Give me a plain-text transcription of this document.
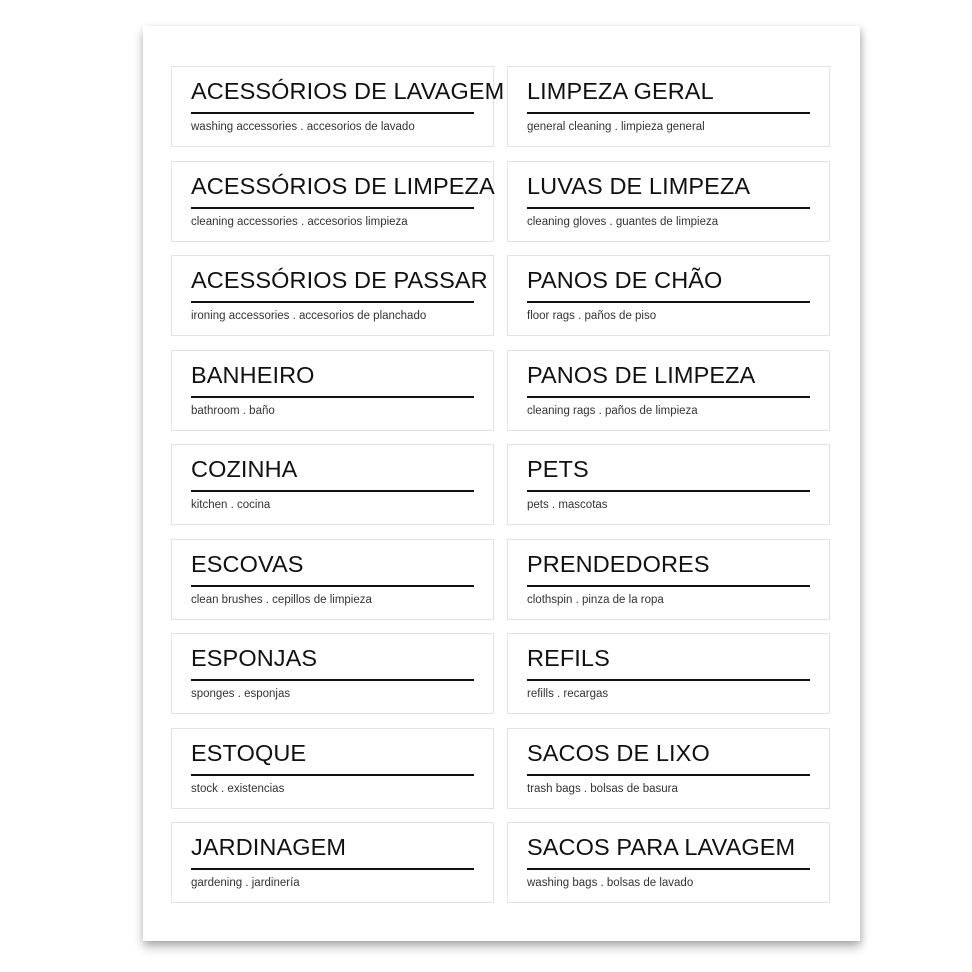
ACESSÓRIOS DE LAVAGEM
washing accessories . accesorios de lavado
LIMPEZA GERAL
general cleaning . limpieza general
ACESSÓRIOS DE LIMPEZA
cleaning accessories . accesorios limpieza
LUVAS DE LIMPEZA
cleaning gloves . guantes de limpieza
ACESSÓRIOS DE PASSAR
ironing accessories . accesorios de planchado
PANOS DE CHÃO
floor rags . paños de piso
BANHEIRO
bathroom . baño
PANOS DE LIMPEZA
cleaning rags . paños de limpieza
COZINHA
kitchen . cocina
PETS
pets . mascotas
ESCOVAS
clean brushes . cepillos de limpieza
PRENDEDORES
clothspin . pinza de la ropa
ESPONJAS
sponges . esponjas
REFILS
refills . recargas
ESTOQUE
stock . existencias
SACOS DE LIXO
trash bags . bolsas de basura
JARDINAGEM
gardening . jardinería
SACOS PARA LAVAGEM
washing bags . bolsas de lavado
